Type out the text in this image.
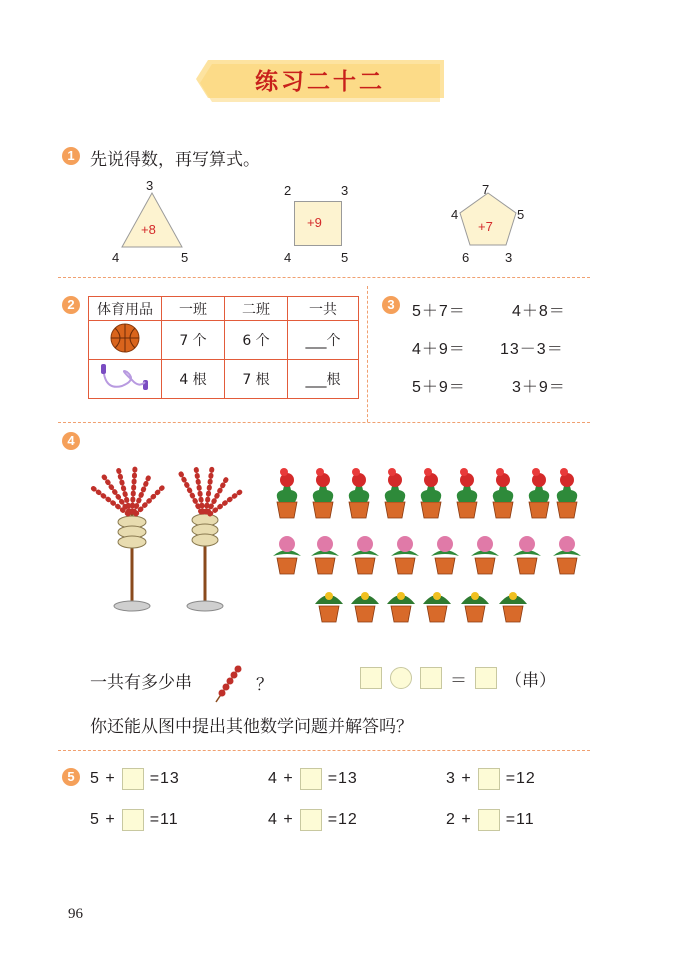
练习二十二
1 先说得数，再写算式。
3
+8
4	5
2	3
+9
4	5
7
4	5
+7
6	3
2	体育用品	一班	二班	一共
	7 个	6 个	___个
	4 根	7 根	___根
3	5＋7＝	4＋8＝
4＋9＝ 13－3＝
5＋9＝	3＋9＝
4
一共有多少串	？	＝ （串）
你还能从图中提出其他数学问题并解答吗？
5 5 + =13	4 + =13	3 + =12
5 + =11	4 + =12	2 + =11
96
